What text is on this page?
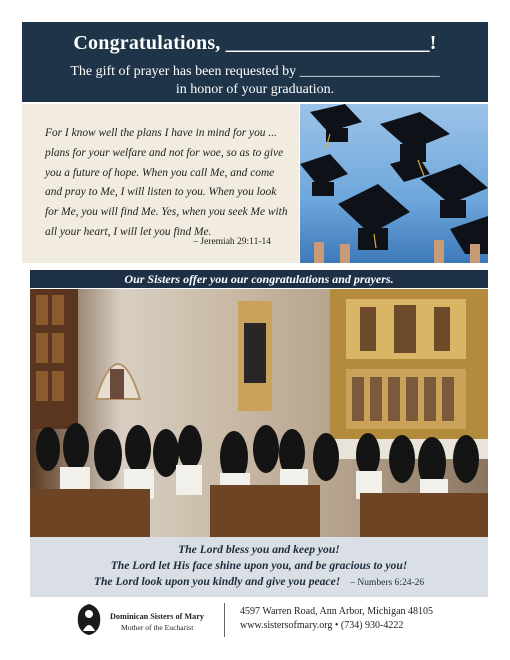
Congratulations, ____________________!
The gift of prayer has been requested by ____________________
in honor of your graduation.
For I know well the plans I have in mind for you ... plans for your welfare and not for woe, so as to give you a future of hope. When you call Me, and come and pray to Me, I will listen to you. When you look for Me, you will find Me. Yes, when you seek Me with all your heart, I will let you find Me.
– Jeremiah 29:11-14
Our Sisters offer you our congratulations and prayers.
The Lord bless you and keep you!
The Lord let His face shine upon you, and be gracious to you!
The Lord look upon you kindly and give you peace! – Numbers 6:24-26
Dominican Sisters of Mary
Mother of the Eucharist
4597 Warren Road, Ann Arbor, Michigan 48105
www.sistersofmary.org • (734) 930-4222
